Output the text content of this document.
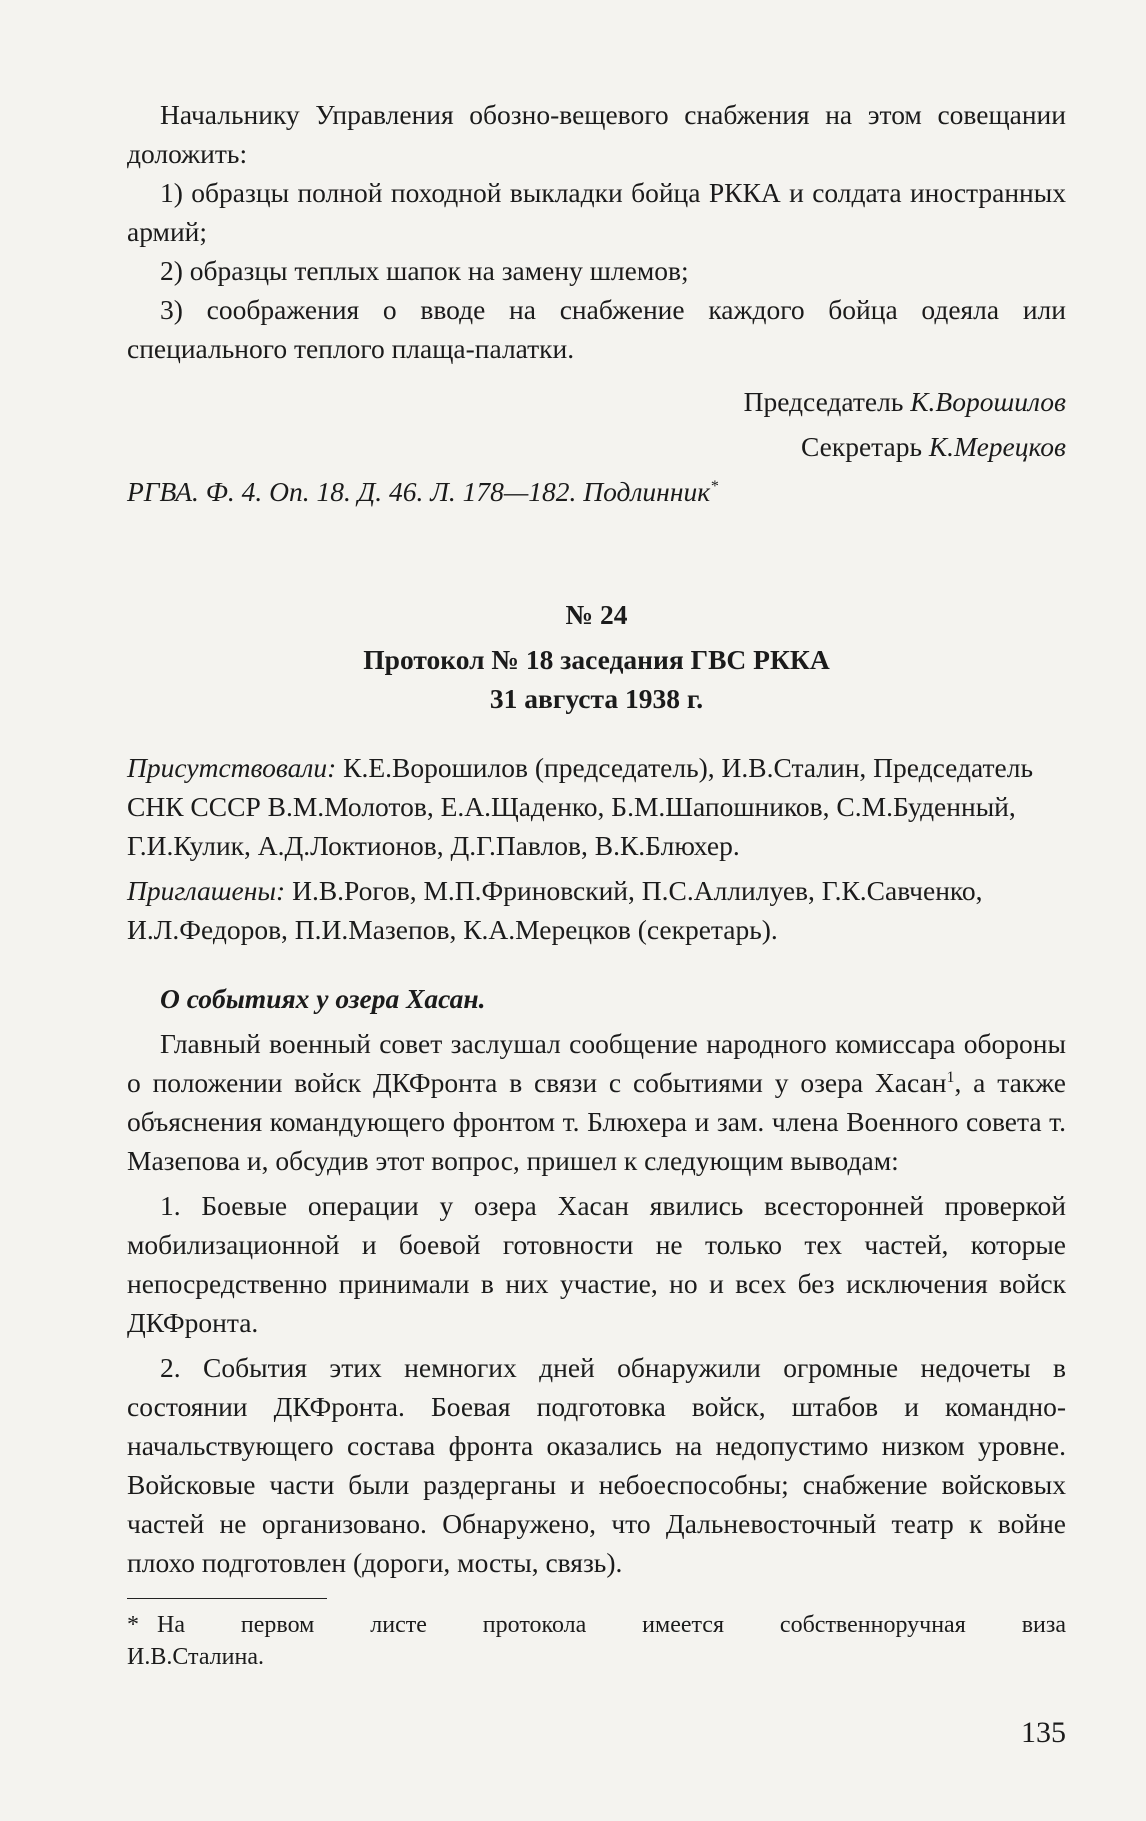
Начальнику Управления обозно-вещевого снабжения на этом совещании доложить:

1) образцы полной походной выкладки бойца РККА и солдата иностранных армий;

2) образцы теплых шапок на замену шлемов;

3) соображения о вводе на снабжение каждого бойца одеяла или специального теплого плаща-палатки.

Председатель К.Ворошилов

Секретарь К.Мерецков

РГВА. Ф. 4. Оп. 18. Д. 46. Л. 178—182. Подлинник*

№ 24

Протокол № 18 заседания ГВС РККА

31 августа 1938 г.

Присутствовали: К.Е.Ворошилов (председатель), И.В.Сталин, Председатель СНК СССР В.М.Молотов, Е.А.Щаденко, Б.М.Шапошников, С.М.Буденный, Г.И.Кулик, А.Д.Локтионов, Д.Г.Павлов, В.К.Блюхер.

Приглашены: И.В.Рогов, М.П.Фриновский, П.С.Аллилуев, Г.К.Савченко, И.Л.Федоров, П.И.Мазепов, К.А.Мерецков (секретарь).

О событиях у озера Хасан.

Главный военный совет заслушал сообщение народного комиссара обороны о положении войск ДКФронта в связи с событиями у озера Хасан$^1$, а также объяснения командующего фронтом т. Блюхера и зам. члена Военного совета т. Мазепова и, обсудив этот вопрос, пришел к следующим выводам:

1. Боевые операции у озера Хасан явились всесторонней проверкой мобилизационной и боевой готовности не только тех частей, которые непосредственно принимали в них участие, но и всех без исключения войск ДКФронта.

2. События этих немногих дней обнаружили огромные недочеты в состоянии ДКФронта. Боевая подготовка войск, штабов и командно-начальствующего состава фронта оказались на недопустимо низком уровне. Войсковые части были раздерганы и небоеспособны; снабжение войсковых частей не организовано. Обнаружено, что Дальневосточный театр к войне плохо подготовлен (дороги, мосты, связь).

* На первом листе протокола имеется собственноручная виза
И.В.Сталина.
135
